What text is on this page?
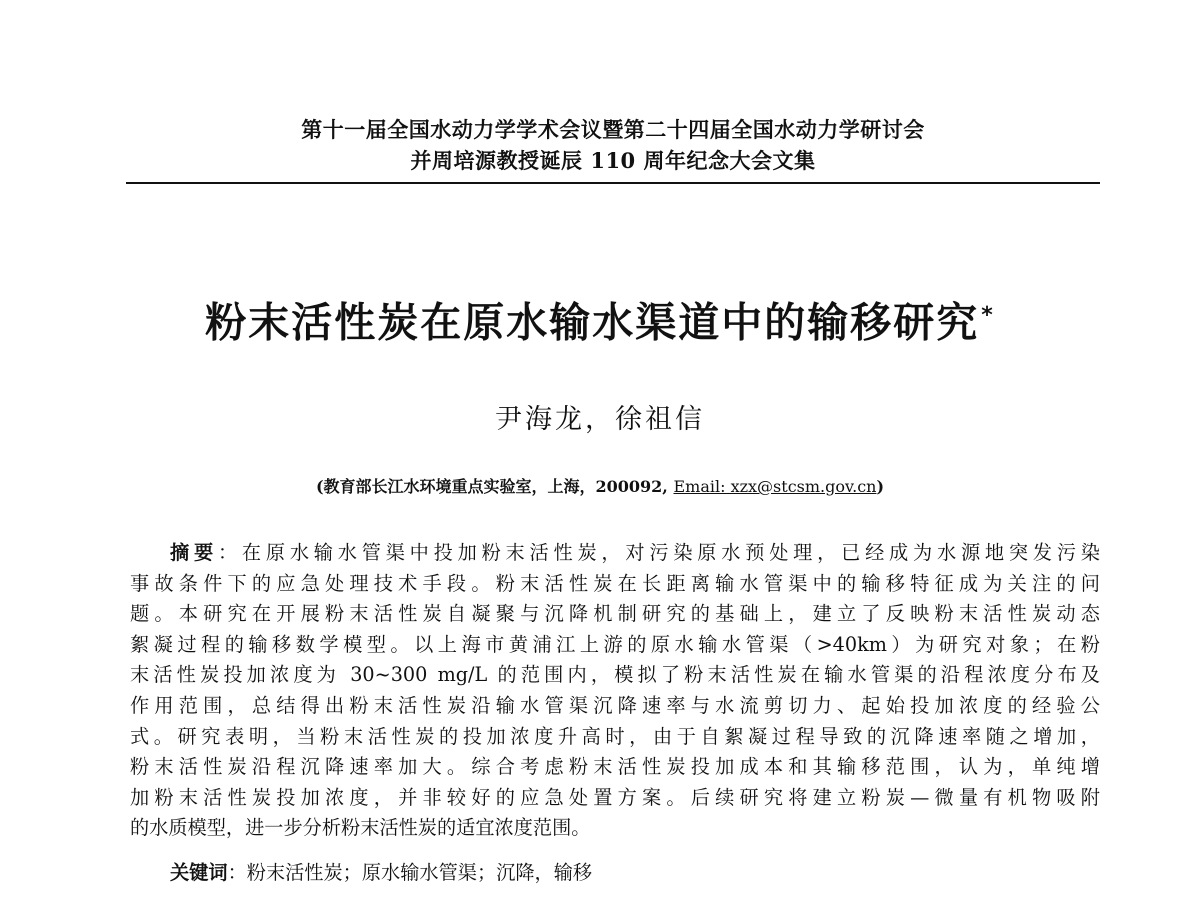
第十一届全国水动力学学术会议暨第二十四届全国水动力学研讨会
并周培源教授诞辰 110 周年纪念大会文集
粉末活性炭在原水输水渠道中的输移研究*
尹海龙，徐祖信
(教育部长江水环境重点实验室，上海，200092, Email: xzx@stcsm.gov.cn)
摘要：在原水输水管渠中投加粉末活性炭，对污染原水预处理，已经成为水源地突发污染
事故条件下的应急处理技术手段。粉末活性炭在长距离输水管渠中的输移特征成为关注的问
题。本研究在开展粉末活性炭自凝聚与沉降机制研究的基础上，建立了反映粉末活性炭动态
絮凝过程的输移数学模型。以上海市黄浦江上游的原水输水管渠（>40km）为研究对象；在粉
末活性炭投加浓度为 30~300 mg/L 的范围内，模拟了粉末活性炭在输水管渠的沿程浓度分布及
作用范围，总结得出粉末活性炭沿输水管渠沉降速率与水流剪切力、起始投加浓度的经验公
式。研究表明，当粉末活性炭的投加浓度升高时，由于自絮凝过程导致的沉降速率随之增加，
粉末活性炭沿程沉降速率加大。综合考虑粉末活性炭投加成本和其输移范围，认为，单纯增
加粉末活性炭投加浓度，并非较好的应急处置方案。后续研究将建立粉炭—微量有机物吸附
的水质模型，进一步分析粉末活性炭的适宜浓度范围。
关键词：粉末活性炭；原水输水管渠；沉降，输移
